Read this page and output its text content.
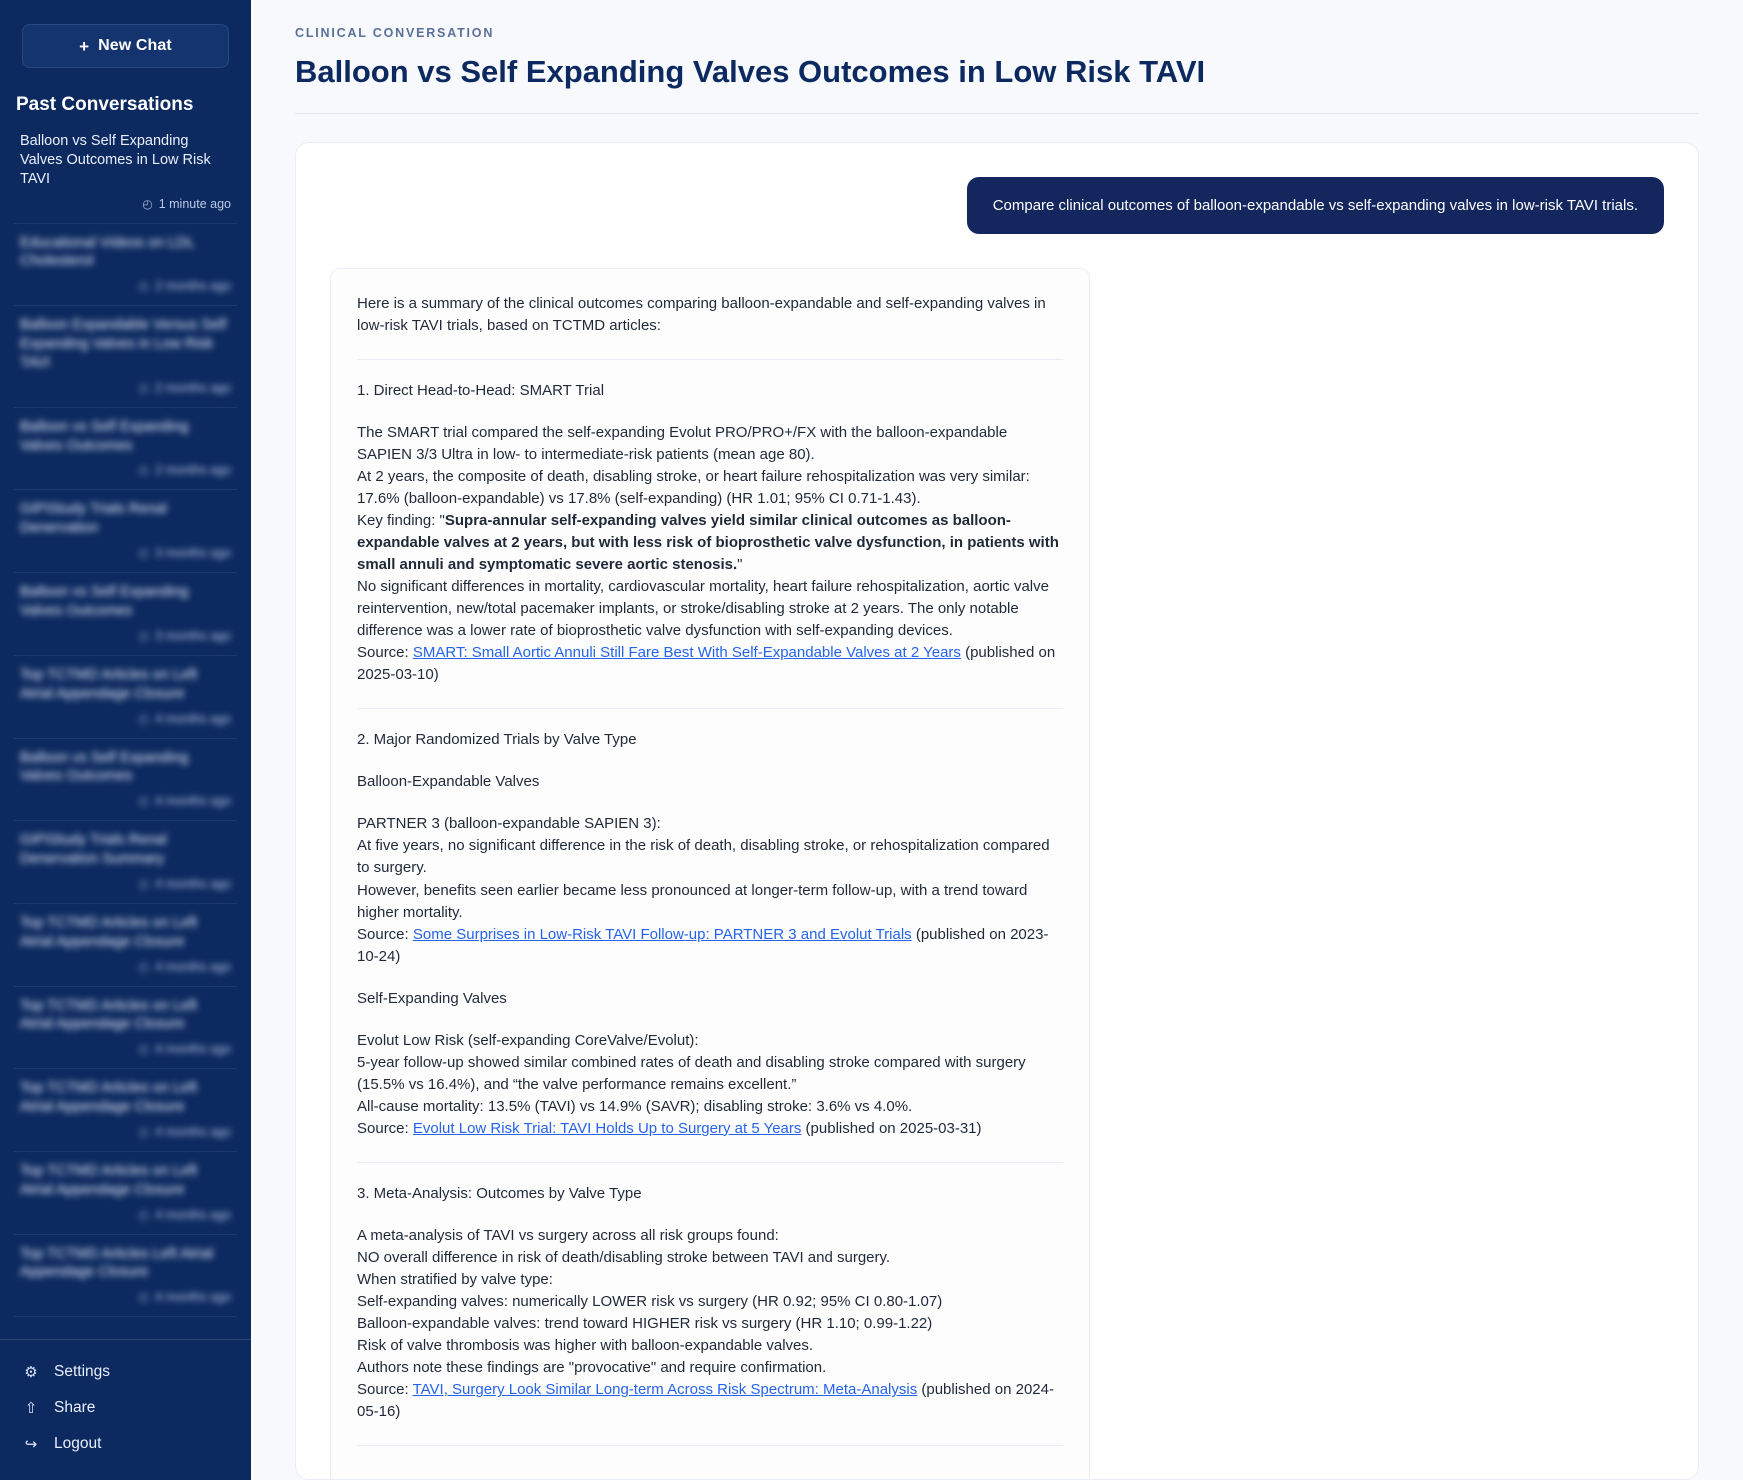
+ New Chat
Past Conversations
Balloon vs Self Expanding Valves Outcomes in Low Risk TAVI
◴ 1 minute ago
Educational Videos on LDL Cholesterol
◴ 2 months ago
Balloon Expandable Versus Self Expanding Valves in Low Risk TAVI
◴ 2 months ago
Balloon vs Self Expanding Valves Outcomes
◴ 2 months ago
GIPIStudy Trials Renal Denervation
◴ 3 months ago
Balloon vs Self Expanding Valves Outcomes
◴ 3 months ago
Top TCTMD Articles on Left Atrial Appendage Closure
◴ 4 months ago
Balloon vs Self Expanding Valves Outcomes
◴ 4 months ago
GIPIStudy Trials Renal Denervation Summary
◴ 4 months ago
Top TCTMD Articles on Left Atrial Appendage Closure
◴ 4 months ago
Top TCTMD Articles on Left Atrial Appendage Closure
◴ 4 months ago
Top TCTMD Articles on Left Atrial Appendage Closure
◴ 4 months ago
Top TCTMD Articles on Left Atrial Appendage Closure
◴ 4 months ago
Top TCTMD Articles Left Atrial Appendage Closure
◴ 4 months ago
⚙ Settings
⇧ Share
↪ Logout
CLINICAL CONVERSATION
Balloon vs Self Expanding Valves Outcomes in Low Risk TAVI
Compare clinical outcomes of balloon-expandable vs self-expanding valves in low-risk TAVI trials.

Here is a summary of the clinical outcomes comparing balloon-expandable and self-expanding valves in low-risk TAVI trials, based on TCTMD articles:

1. Direct Head-to-Head: SMART Trial

The SMART trial compared the self-expanding Evolut PRO/PRO+/FX with the balloon-expandable SAPIEN 3/3 Ultra in low- to intermediate-risk patients (mean age 80).

At 2 years, the composite of death, disabling stroke, or heart failure rehospitalization was very similar: 17.6% (balloon-expandable) vs 17.8% (self-expanding) (HR 1.01; 95% CI 0.71-1.43).

Key finding: "Supra-annular self-expanding valves yield similar clinical outcomes as balloon-expandable valves at 2 years, but with less risk of bioprosthetic valve dysfunction, in patients with small annuli and symptomatic severe aortic stenosis."

No significant differences in mortality, cardiovascular mortality, heart failure rehospitalization, aortic valve reintervention, new/total pacemaker implants, or stroke/disabling stroke at 2 years. The only notable difference was a lower rate of bioprosthetic valve dysfunction with self-expanding devices.

Source: SMART: Small Aortic Annuli Still Fare Best With Self-Expandable Valves at 2 Years (published on 2025-03-10)

2. Major Randomized Trials by Valve Type

Balloon-Expandable Valves

PARTNER 3 (balloon-expandable SAPIEN 3):

At five years, no significant difference in the risk of death, disabling stroke, or rehospitalization compared to surgery.

However, benefits seen earlier became less pronounced at longer-term follow-up, with a trend toward higher mortality.

Source: Some Surprises in Low-Risk TAVI Follow-up: PARTNER 3 and Evolut Trials (published on 2023-10-24)

Self-Expanding Valves

Evolut Low Risk (self-expanding CoreValve/Evolut):

5-year follow-up showed similar combined rates of death and disabling stroke compared with surgery (15.5% vs 16.4%), and “the valve performance remains excellent.”

All-cause mortality: 13.5% (TAVI) vs 14.9% (SAVR); disabling stroke: 3.6% vs 4.0%.

Source: Evolut Low Risk Trial: TAVI Holds Up to Surgery at 5 Years (published on 2025-03-31)

3. Meta-Analysis: Outcomes by Valve Type

A meta-analysis of TAVI vs surgery across all risk groups found:

NO overall difference in risk of death/disabling stroke between TAVI and surgery.

When stratified by valve type:

Self-expanding valves: numerically LOWER risk vs surgery (HR 0.92; 95% CI 0.80-1.07)

Balloon-expandable valves: trend toward HIGHER risk vs surgery (HR 1.10; 0.99-1.22)

Risk of valve thrombosis was higher with balloon-expandable valves.

Authors note these findings are "provocative" and require confirmation.

Source: TAVI, Surgery Look Similar Long-term Across Risk Spectrum: Meta-Analysis (published on 2024-05-16)
